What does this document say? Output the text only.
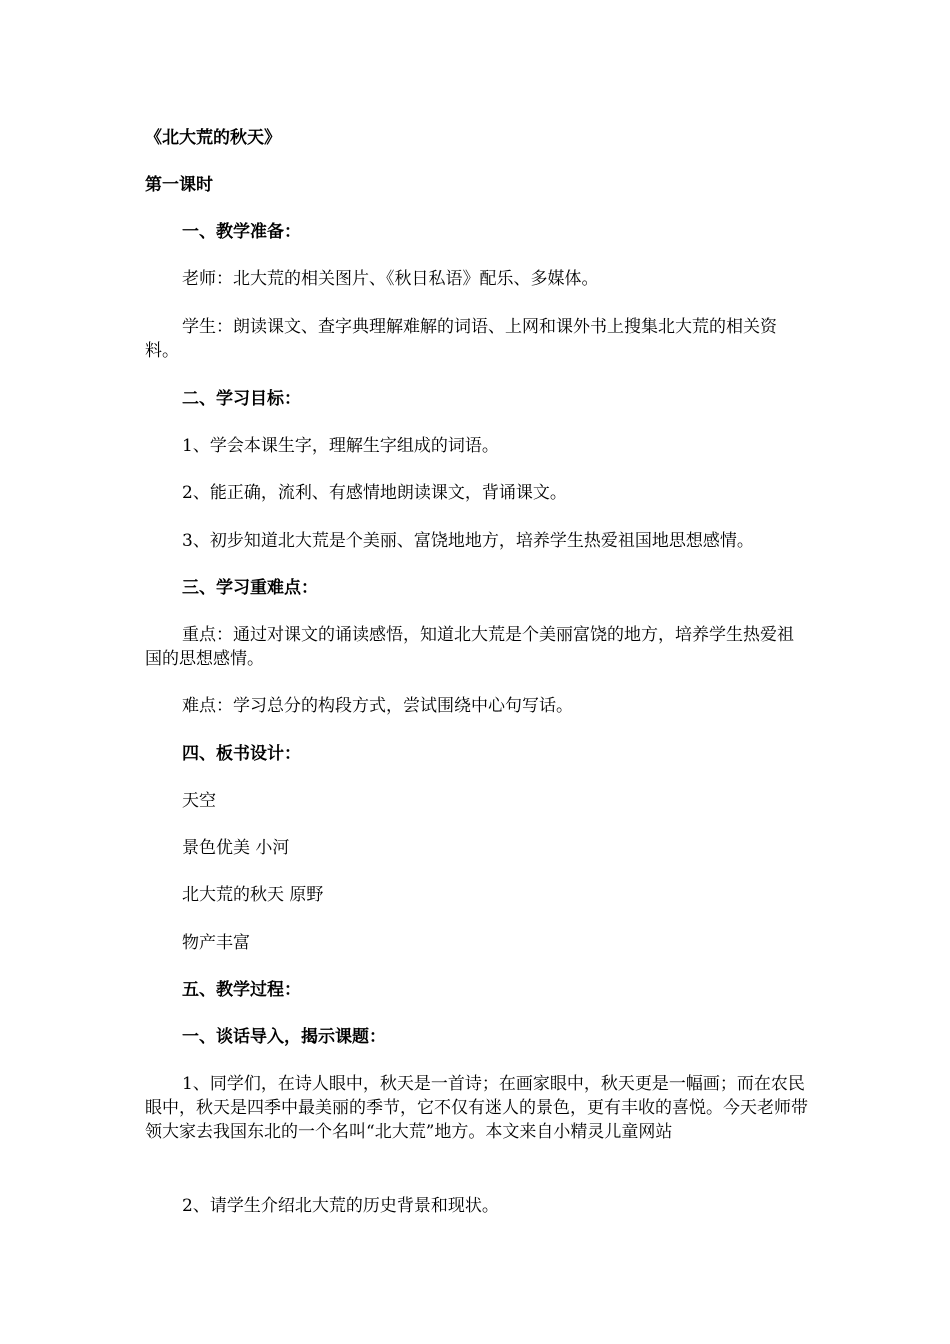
《北大荒的秋天》
第一课时
一、教学准备：
老师：北大荒的相关图片、《秋日私语》配乐、多媒体。
学生：朗读课文、查字典理解难解的词语、上网和课外书上搜集北大荒的相关资料。
二、学习目标：
1、学会本课生字，理解生字组成的词语。
2、能正确，流利、有感情地朗读课文，背诵课文。
3、初步知道北大荒是个美丽、富饶地地方，培养学生热爱祖国地思想感情。
三、学习重难点：
重点：通过对课文的诵读感悟，知道北大荒是个美丽富饶的地方，培养学生热爱祖国的思想感情。
难点：学习总分的构段方式，尝试围绕中心句写话。
四、板书设计：
天空
景色优美 小河
北大荒的秋天 原野
物产丰富
五、教学过程：
一、谈话导入，揭示课题：
1、同学们，在诗人眼中，秋天是一首诗；在画家眼中，秋天更是一幅画；而在农民眼中，秋天是四季中最美丽的季节，它不仅有迷人的景色，更有丰收的喜悦。今天老师带领大家去我国东北的一个名叫“北大荒”地方。本文来自小精灵儿童网站
2、请学生介绍北大荒的历史背景和现状。
